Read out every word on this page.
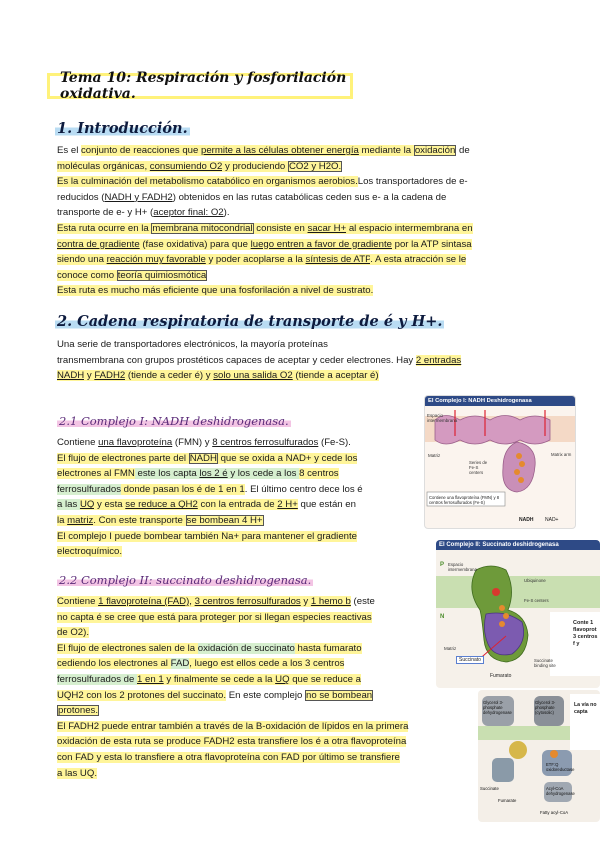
Tema 10: Respiración y fosforilación oxidativa.
1. Introducción.

Es el conjunto de reacciones que permite a las células obtener energía mediante la oxidación de

moléculas orgánicas, consumiendo O2 y produciendo CO2 y H2O.

Es la culminación del metabolismo catabólico en organismos aerobios.Los transportadores de e-

reducidos (NADH y FADH2) obtenidos en las rutas catabólicas ceden sus e- a la cadena de

transporte de e- y H+ (aceptor final: O2).

Esta ruta ocurre en la membrana mitocondrial consiste en sacar H+ al espacio intermembrana en

contra de gradiente (fase oxidativa) para que luego entren a favor de gradiente por la ATP sintasa

siendo una reacción muy favorable y poder acoplarse a la síntesis de ATP. A esta atracción se le

conoce como teoría quimiosmótica

Esta ruta es mucho más eficiente que una fosforilación a nivel de sustrato.

2. Cadena respiratoria de transporte de é y H+.

Una serie de transportadores electrónicos, la mayoría proteínas

transmembrana con grupos prostéticos capaces de aceptar y ceder electrones. Hay 2 entradas

NADH y FADH2 (tiende a ceder é) y solo una salida O2 (tiende a aceptar é)

2.1 Complejo I: NADH deshidrogenasa.

Contiene una flavoproteína (FMN) y 8 centros ferrosulfurados (Fe-S).

El flujo de electrones parte del NADH que se oxida a NAD+ y cede los

electrones al FMN este los capta los 2 é y los cede a los 8 centros

ferrosulfurados donde pasan los é de 1 en 1. El último centro dece los é

a las UQ y esta se reduce a QH2 con la entrada de 2 H+ que están en

la matriz. Con este transporte se bombean 4 H+

El complejo I puede bombear también Na+ para mantener el gradiente

electroquímico.

2.2 Complejo II: succinato deshidrogenasa.

Contiene 1 flavoproteína (FAD), 3 centros ferrosulfurados y 1 hemo b (este

no capta é se cree que está para proteger por si llegan especies reactivas

de O2).

El flujo de electrones salen de la oxidación de succinato hasta fumarato

cediendo los electrones al FAD, luego est ellos cede a los 3 centros

ferrosulfurados de 1 en 1 y finalmente se cede a la UQ que se reduce a

UQH2 con los 2 protones del succinato. En este complejo no se bombean

protones.

El FADH2 puede entrar también a través de la B-oxidación de lípidos en la primera

oxidación de esta ruta se produce FADH2 esta transfiere los é a otra flavoproteína

con FAD y esta lo transfiere a otra flavoproteína con FAD por último se transfiere

a las UQ.

El Complejo I: NADH Deshidrogenasa
Espacio intermembrana
Matriz
Series de Fe-S centers
Matrix arm
Contiene una flavoproteína (FMN) y 8 centros ferrosulfurados (Fe-S)
NADH NAD+
El Complejo II: Succinato deshidrogenasa
P
N
Espacio intermembrana
Ubiquinone
Fe-S centers
Matriz
Succinato
Fumarato
Succinate binding site
Conte 1 flavoprot 3 centros f y
Glycerol 3-phosphate dehydrogenase
Glycerol 3-phosphate (cytosolic)
ETF:Q oxidoreductase
Succinate
Fumarate
Acyl-CoA dehydrogenase
Fatty acyl-CoA
La vía no capta
